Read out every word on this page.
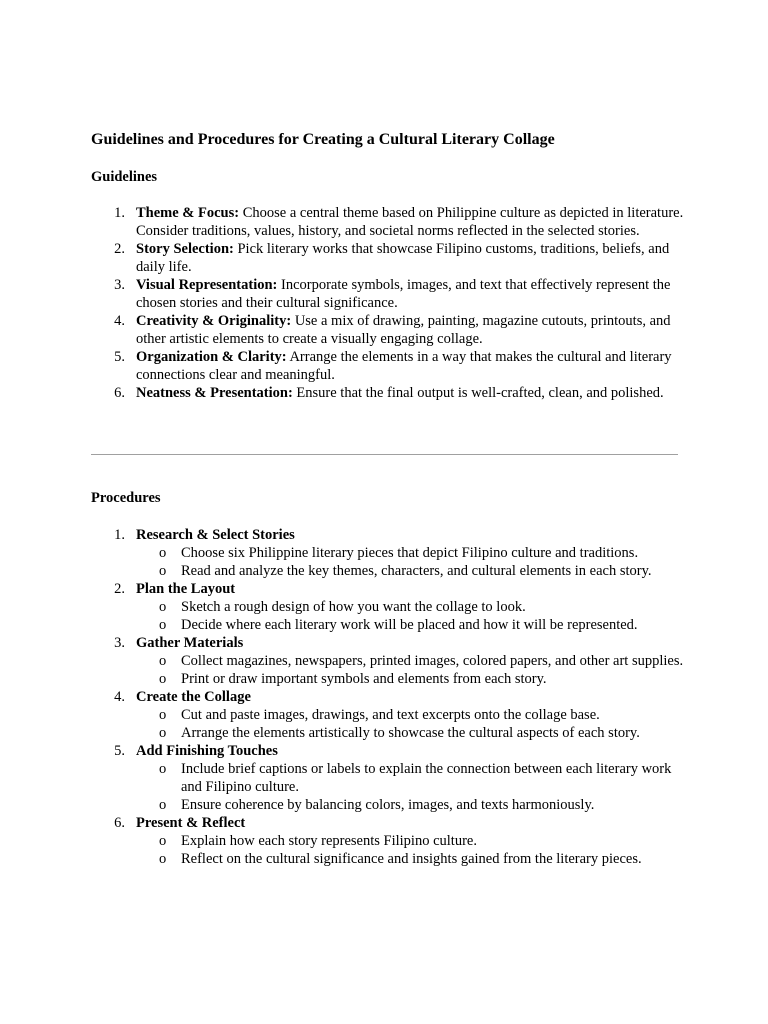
Guidelines and Procedures for Creating a Cultural Literary Collage
Guidelines
1. Theme & Focus: Choose a central theme based on Philippine culture as depicted in literature. Consider traditions, values, history, and societal norms reflected in the selected stories.
2. Story Selection: Pick literary works that showcase Filipino customs, traditions, beliefs, and daily life.
3. Visual Representation: Incorporate symbols, images, and text that effectively represent the chosen stories and their cultural significance.
4. Creativity & Originality: Use a mix of drawing, painting, magazine cutouts, printouts, and other artistic elements to create a visually engaging collage.
5. Organization & Clarity: Arrange the elements in a way that makes the cultural and literary connections clear and meaningful.
6. Neatness & Presentation: Ensure that the final output is well-crafted, clean, and polished.
Procedures
1. Research & Select Stories
o Choose six Philippine literary pieces that depict Filipino culture and traditions.
o Read and analyze the key themes, characters, and cultural elements in each story.
2. Plan the Layout
o Sketch a rough design of how you want the collage to look.
o Decide where each literary work will be placed and how it will be represented.
3. Gather Materials
o Collect magazines, newspapers, printed images, colored papers, and other art supplies.
o Print or draw important symbols and elements from each story.
4. Create the Collage
o Cut and paste images, drawings, and text excerpts onto the collage base.
o Arrange the elements artistically to showcase the cultural aspects of each story.
5. Add Finishing Touches
o Include brief captions or labels to explain the connection between each literary work and Filipino culture.
o Ensure coherence by balancing colors, images, and texts harmoniously.
6. Present & Reflect
o Explain how each story represents Filipino culture.
o Reflect on the cultural significance and insights gained from the literary pieces.
